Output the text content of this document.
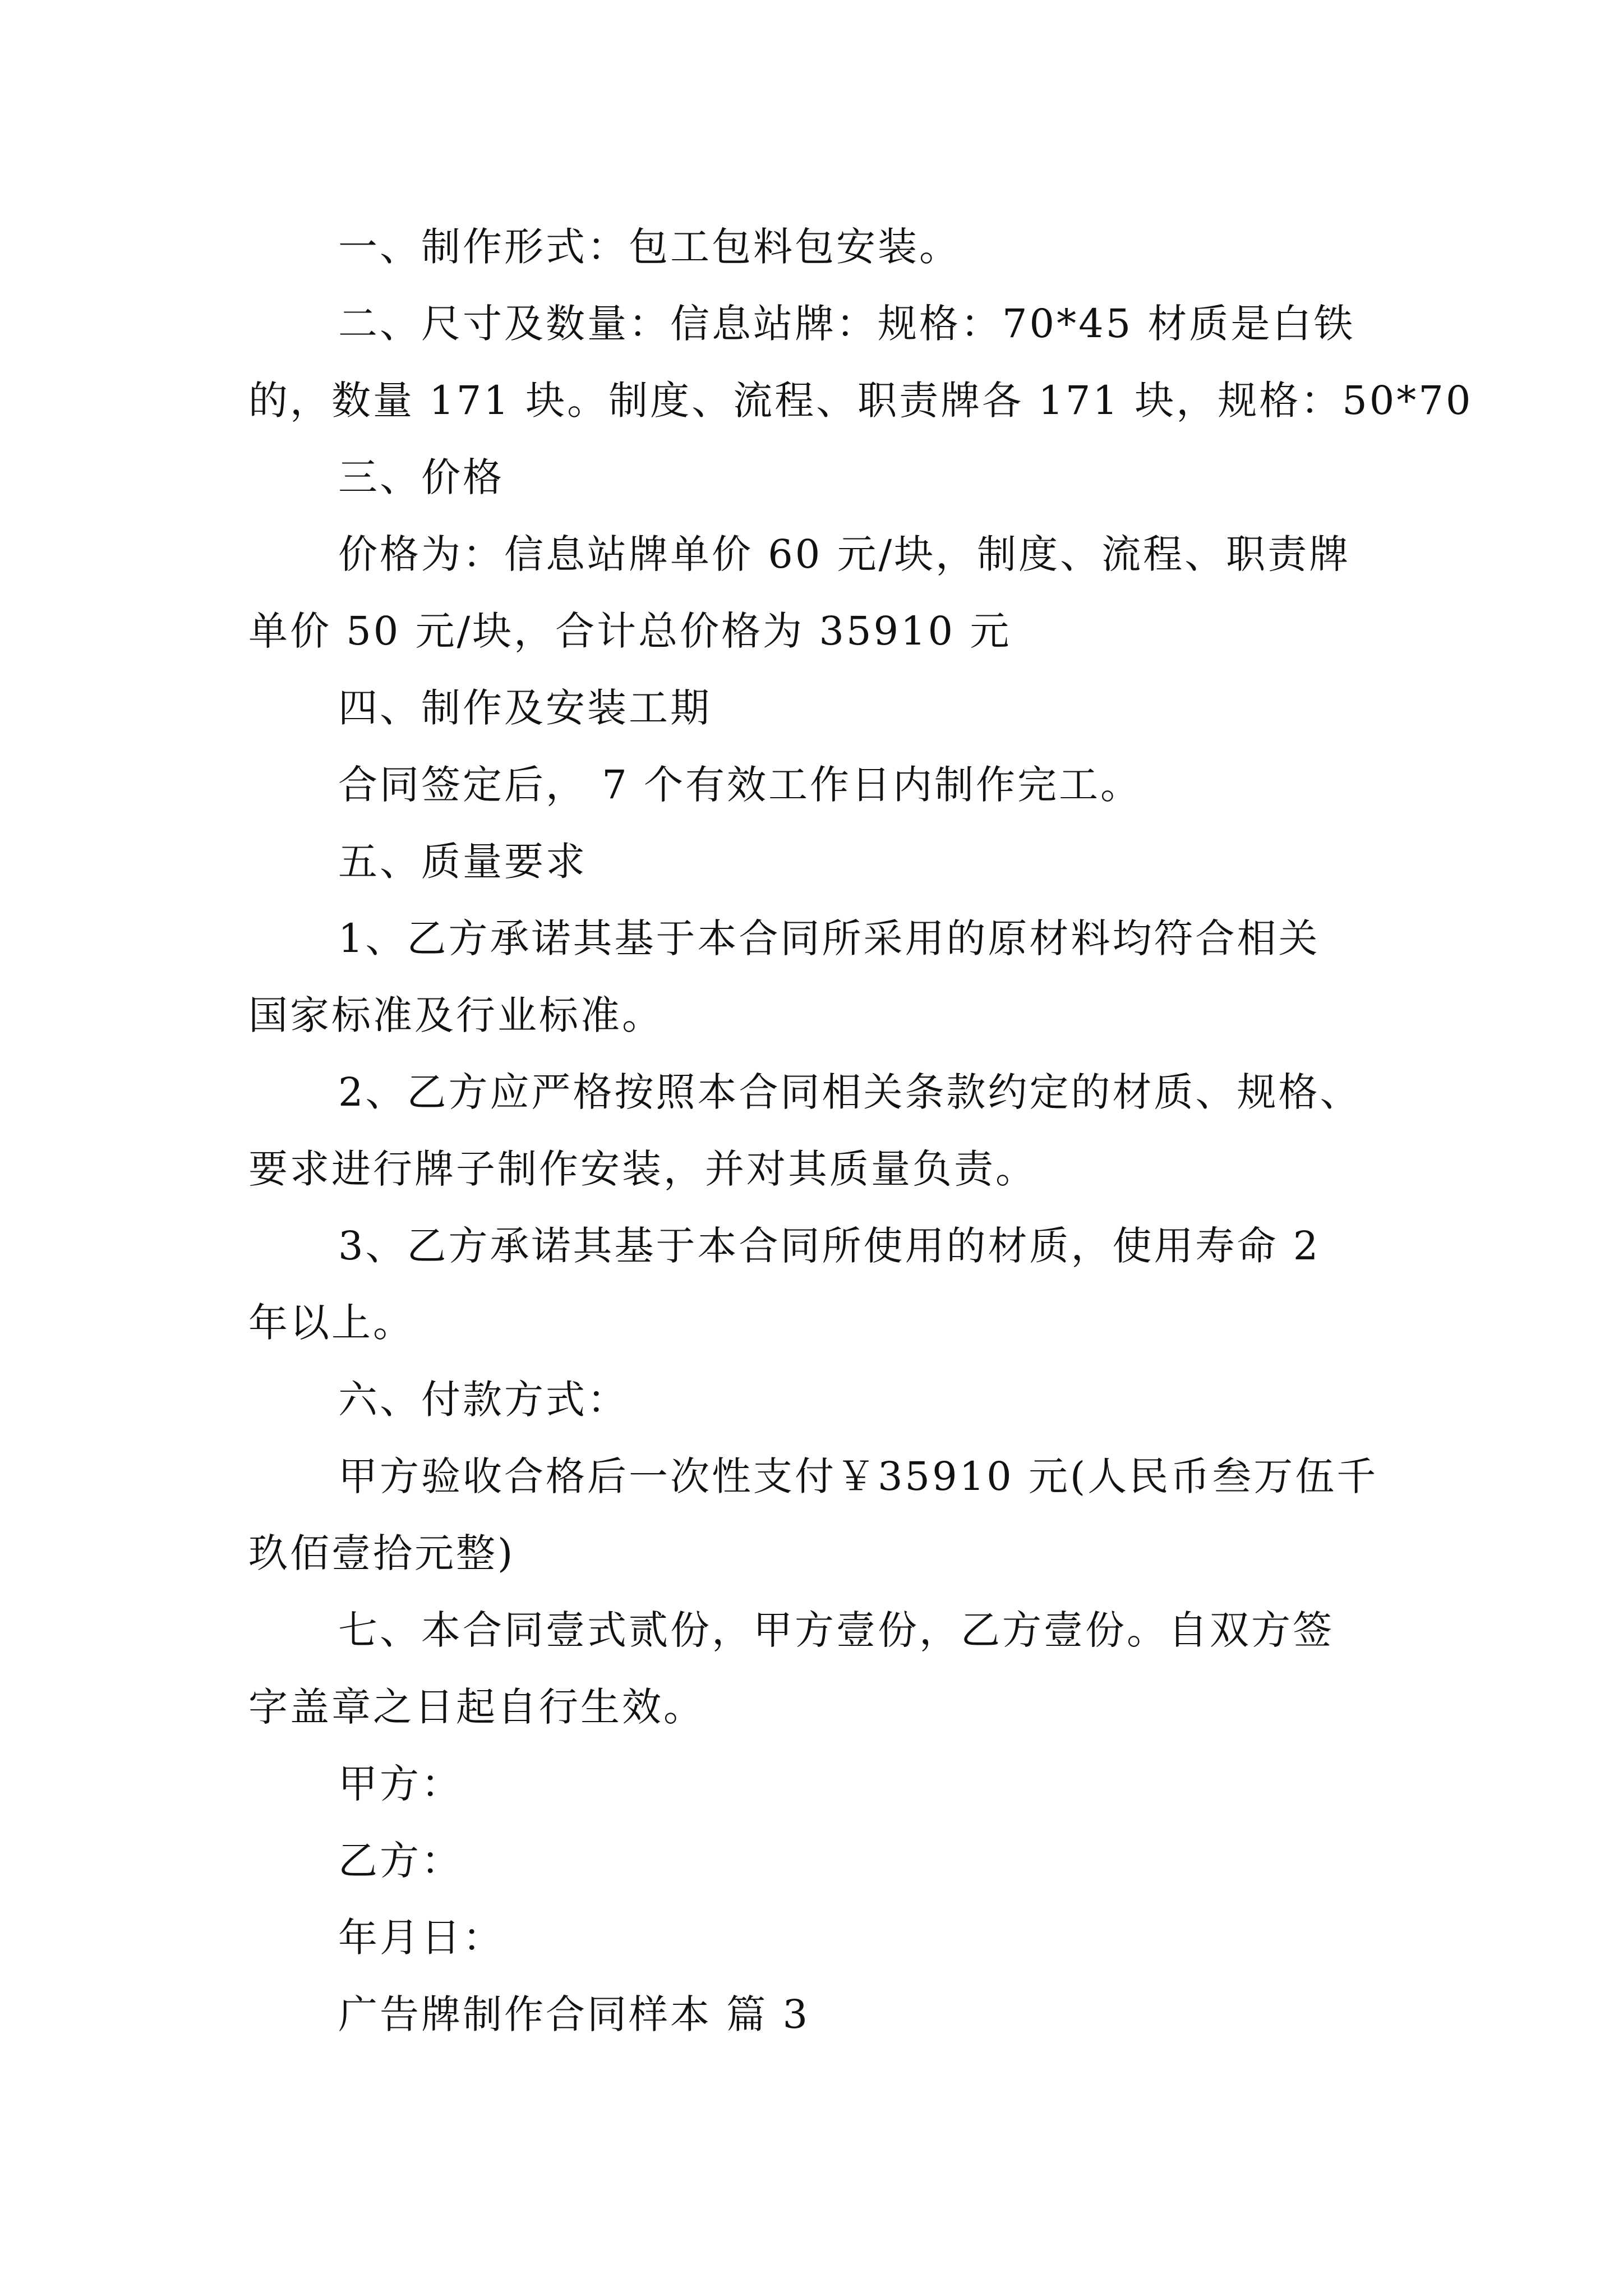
一、制作形式：包工包料包安装。
二、尺寸及数量：信息站牌：规格：70*45 材质是白铁
的，数量 171 块。制度、流程、职责牌各 171 块，规格：50*70
三、价格
价格为：信息站牌单价 60 元/块，制度、流程、职责牌
单价 50 元/块，合计总价格为 35910 元
四、制作及安装工期
合同签定后， 7 个有效工作日内制作完工。
五、质量要求
1、乙方承诺其基于本合同所采用的原材料均符合相关
国家标准及行业标准。
2、乙方应严格按照本合同相关条款约定的材质、规格、
要求进行牌子制作安装，并对其质量负责。
3、乙方承诺其基于本合同所使用的材质，使用寿命 2
年以上。
六、付款方式：
甲方验收合格后一次性支付￥35910 元(人民币叁万伍千
玖佰壹拾元整)
七、本合同壹式贰份，甲方壹份，乙方壹份。自双方签
字盖章之日起自行生效。
甲方：
乙方：
年月日：
广告牌制作合同样本 篇 3
